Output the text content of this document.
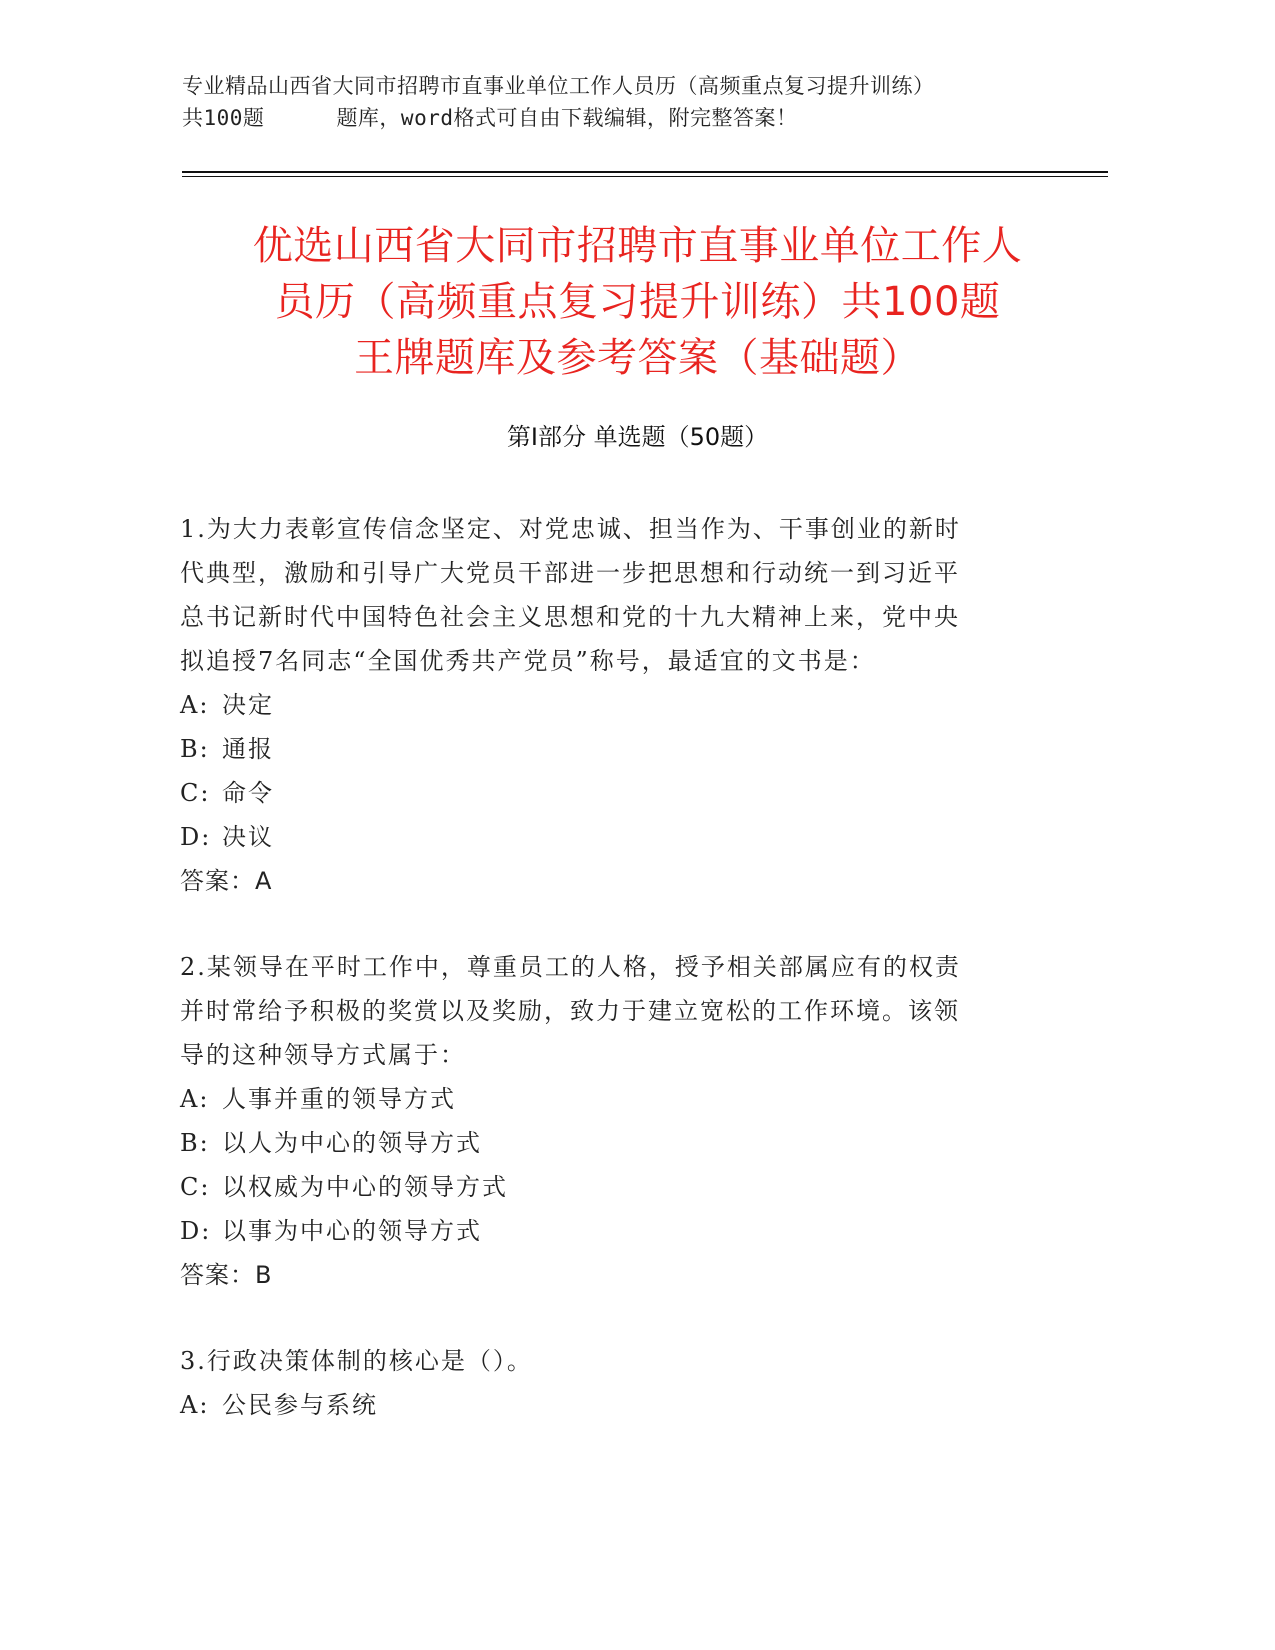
专业精品山西省大同市招聘市直事业单位工作人员历（高频重点复习提升训练）
共100题	题库，word格式可自由下载编辑，附完整答案！
优选山西省大同市招聘市直事业单位工作人
员历（高频重点复习提升训练）共100题
王牌题库及参考答案（基础题）
第I部分 单选题（50题）
1.为大力表彰宣传信念坚定、对党忠诚、担当作为、干事创业的新时
代典型，激励和引导广大党员干部进一步把思想和行动统一到习近平
总书记新时代中国特色社会主义思想和党的十九大精神上来，党中央
拟追授7名同志“全国优秀共产党员”称号，最适宜的文书是：
A: 决定
B: 通报
C: 命令
D: 决议
答案：A
2.某领导在平时工作中，尊重员工的人格，授予相关部属应有的权责
并时常给予积极的奖赏以及奖励，致力于建立宽松的工作环境。该领
导的这种领导方式属于：
A: 人事并重的领导方式
B: 以人为中心的领导方式
C: 以权威为中心的领导方式
D: 以事为中心的领导方式
答案：B
3.行政决策体制的核心是（）。
A: 公民参与系统
